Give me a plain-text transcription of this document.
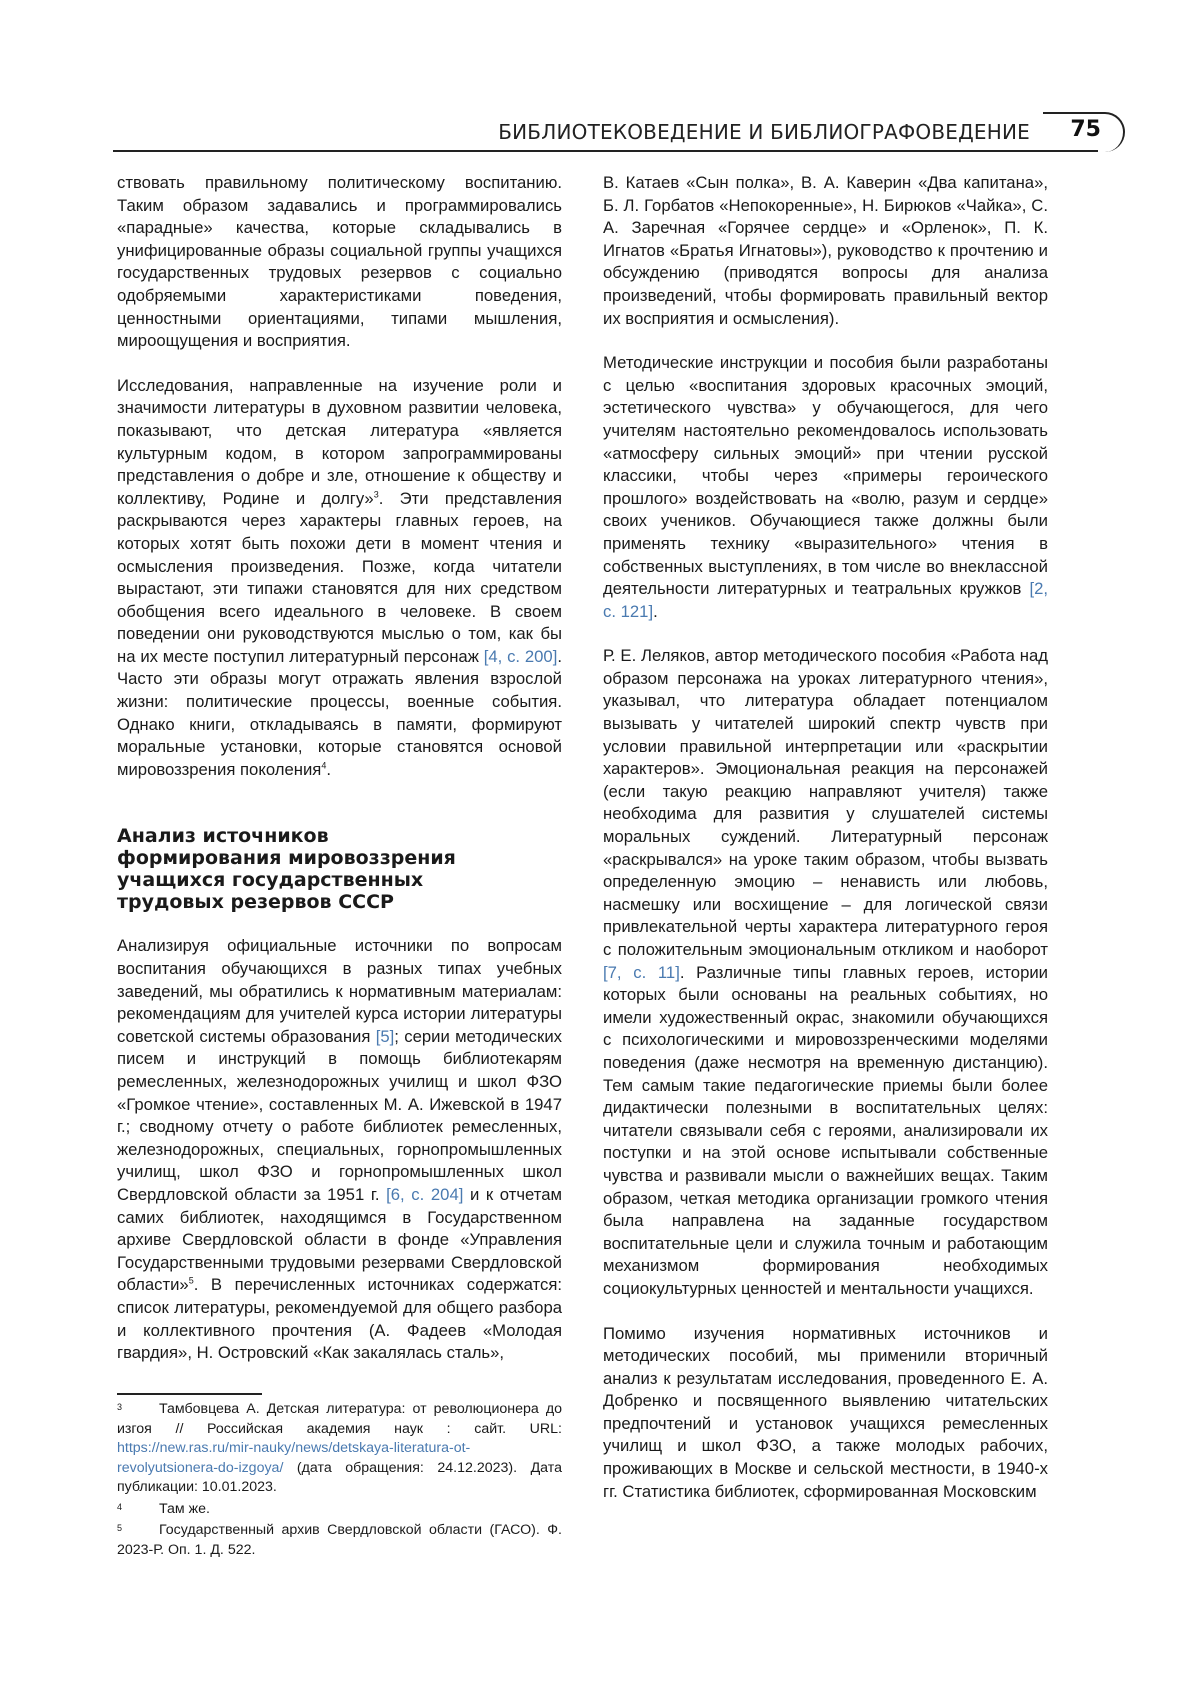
БИБЛИОТЕКОВЕДЕНИЕ И БИБЛИОГРАФОВЕДЕНИЕ 75

ствовать правильному политическому воспитанию. Таким образом задавались и программировались «парадные» качества, которые складывались в унифицированные образы социальной группы учащихся государственных трудовых резервов с социально одобряемыми характеристиками поведения, ценностными ориентациями, типами мышления, мироощущения и восприятия.

Исследования, направленные на изучение роли и значимости литературы в духовном развитии человека, показывают, что детская литература «является культурным кодом, в котором запрограммированы представления о добре и зле, отношение к обществу и коллективу, Родине и долгу»$^3$. Эти представления раскрываются через характеры главных героев, на которых хотят быть похожи дети в момент чтения и осмысления произведения. Позже, когда читатели вырастают, эти типажи становятся для них средством обобщения всего идеального в человеке. В своем поведении они руководствуются мыслью о том, как бы на их месте поступил литературный персонаж [4, с. 200]. Часто эти образы могут отражать явления взрослой жизни: политические процессы, военные события. Однако книги, откладываясь в памяти, формируют моральные установки, которые становятся основой мировоззрения поколения$^4$.

Анализ источников формирования мировоззрения учащихся государственных трудовых резервов СССР

Анализируя официальные источники по вопросам воспитания обучающихся в разных типах учебных заведений, мы обратились к нормативным материалам: рекомендациям для учителей курса истории литературы советской системы образования [5]; серии методических писем и инструкций в помощь библиотекарям ремесленных, железнодорожных училищ и школ ФЗО «Громкое чтение», составленных М. А. Ижевской в 1947 г.; сводному отчету о работе библиотек ремесленных, железнодорожных, специальных, горнопромышленных училищ, школ ФЗО и горнопромышленных школ Свердловской области за 1951 г. [6, с. 204] и к отчетам самих библиотек, находящимся в Государственном архиве Свердловской области в фонде «Управления Государственными трудовыми резервами Свердловской области»$^5$. В перечисленных источниках содержатся: список литературы, рекомендуемой для общего разбора и коллективного прочтения (А. Фадеев «Молодая гвардия», Н. Островский «Как закалялась сталь»,

3	Тамбовцева А. Детская литература: от революционера до изгоя // Российская академия наук : сайт. URL: https://new.ras.ru/mir-nauky/news/detskaya-literatura-ot-revolyutsionera-do-izgoya/ (дата обращения: 24.12.2023). Дата публикации: 10.01.2023.
4	Там же.
5	Государственный архив Свердловской области (ГАСО). Ф. 2023-Р. Оп. 1. Д. 522.

В. Катаев «Сын полка», В. А. Каверин «Два капитана», Б. Л. Горбатов «Непокоренные», Н. Бирюков «Чайка», С. А. Заречная «Горячее сердце» и «Орленок», П. К. Игнатов «Братья Игнатовы»), руководство к прочтению и обсуждению (приводятся вопросы для анализа произведений, чтобы формировать правильный вектор их восприятия и осмысления).

Методические инструкции и пособия были разработаны с целью «воспитания здоровых красочных эмоций, эстетического чувства» у обучающегося, для чего учителям настоятельно рекомендовалось использовать «атмосферу сильных эмоций» при чтении русской классики, чтобы через «примеры героического прошлого» воздействовать на «волю, разум и сердце» своих учеников. Обучающиеся также должны были применять технику «выразительного» чтения в собственных выступлениях, в том числе во внеклассной деятельности литературных и театральных кружков [2, с. 121].

Р. Е. Леляков, автор методического пособия «Работа над образом персонажа на уроках литературного чтения», указывал, что литература обладает потенциалом вызывать у читателей широкий спектр чувств при условии правильной интерпретации или «раскрытии характеров». Эмоциональная реакция на персонажей (если такую реакцию направляют учителя) также необходима для развития у слушателей системы моральных суждений. Литературный персонаж «раскрывался» на уроке таким образом, чтобы вызвать определенную эмоцию – ненависть или любовь, насмешку или восхищение – для логической связи привлекательной черты характера литературного героя с положительным эмоциональным откликом и наоборот [7, с. 11]. Различные типы главных героев, истории которых были основаны на реальных событиях, но имели художественный окрас, знакомили обучающихся с психологическими и мировоззренческими моделями поведения (даже несмотря на временную дистанцию). Тем самым такие педагогические приемы были более дидактически полезными в воспитательных целях: читатели связывали себя с героями, анализировали их поступки и на этой основе испытывали собственные чувства и развивали мысли о важнейших вещах. Таким образом, четкая методика организации громкого чтения была направлена на заданные государством воспитательные цели и служила точным и работающим механизмом формирования необходимых социокультурных ценностей и ментальности учащихся.

Помимо изучения нормативных источников и методических пособий, мы применили вторичный анализ к результатам исследования, проведенного Е. А. Добренко и посвященного выявлению читательских предпочтений и установок учащихся ремесленных училищ и школ ФЗО, а также молодых рабочих, проживающих в Москве и сельской местности, в 1940-х гг. Статистика библиотек, сформированная Московским
